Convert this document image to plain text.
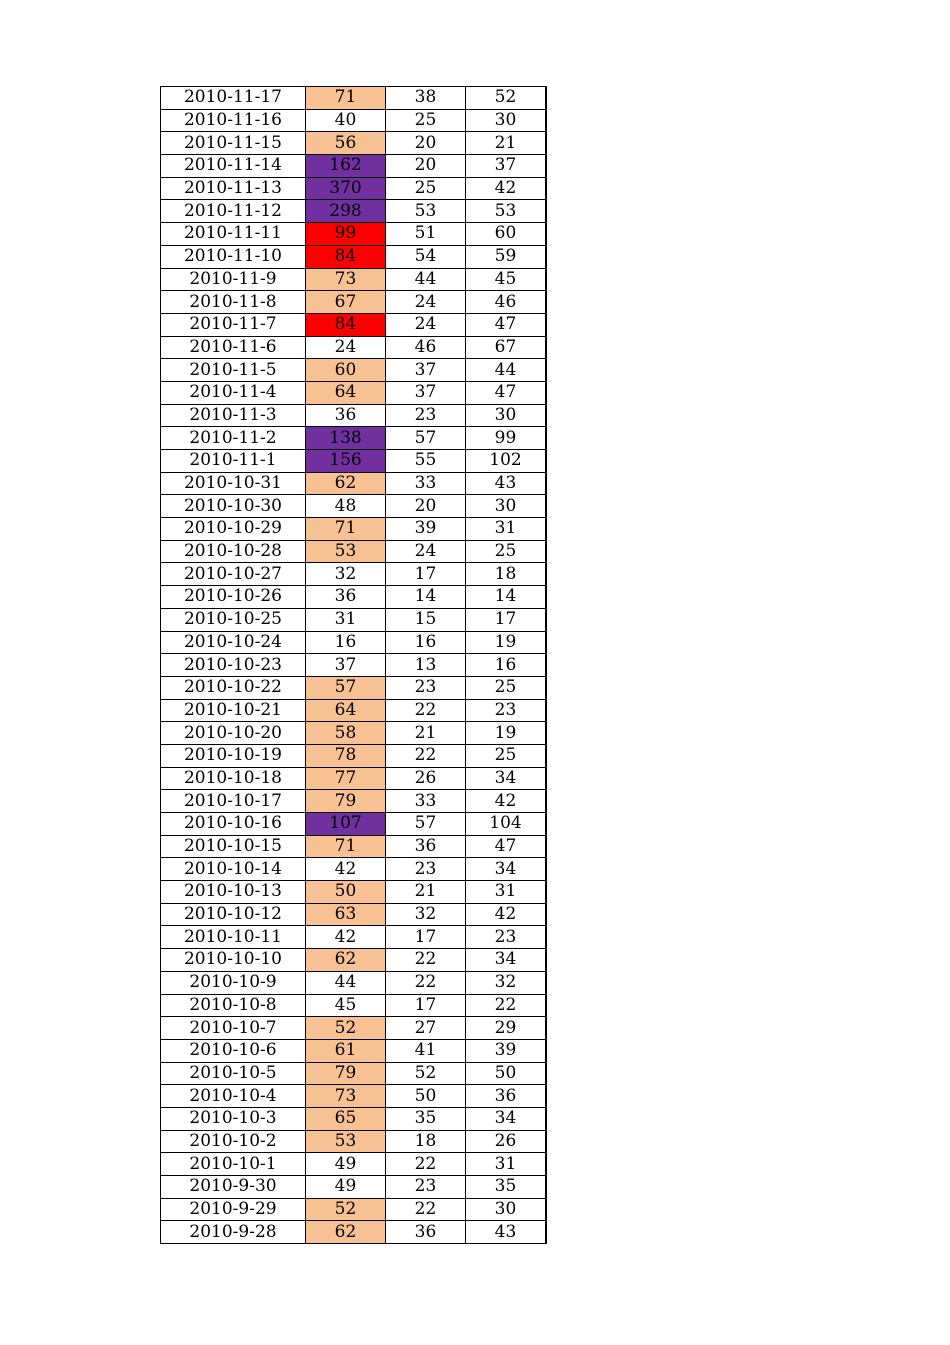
2010-11-17	71	38	52
2010-11-16	40	25	30
2010-11-15	56	20	21
2010-11-14	162	20	37
2010-11-13	370	25	42
2010-11-12	298	53	53
2010-11-11	99	51	60
2010-11-10	84	54	59
2010-11-9	73	44	45
2010-11-8	67	24	46
2010-11-7	84	24	47
2010-11-6	24	46	67
2010-11-5	60	37	44
2010-11-4	64	37	47
2010-11-3	36	23	30
2010-11-2	138	57	99
2010-11-1	156	55	102
2010-10-31	62	33	43
2010-10-30	48	20	30
2010-10-29	71	39	31
2010-10-28	53	24	25
2010-10-27	32	17	18
2010-10-26	36	14	14
2010-10-25	31	15	17
2010-10-24	16	16	19
2010-10-23	37	13	16
2010-10-22	57	23	25
2010-10-21	64	22	23
2010-10-20	58	21	19
2010-10-19	78	22	25
2010-10-18	77	26	34
2010-10-17	79	33	42
2010-10-16	107	57	104
2010-10-15	71	36	47
2010-10-14	42	23	34
2010-10-13	50	21	31
2010-10-12	63	32	42
2010-10-11	42	17	23
2010-10-10	62	22	34
2010-10-9	44	22	32
2010-10-8	45	17	22
2010-10-7	52	27	29
2010-10-6	61	41	39
2010-10-5	79	52	50
2010-10-4	73	50	36
2010-10-3	65	35	34
2010-10-2	53	18	26
2010-10-1	49	22	31
2010-9-30	49	23	35
2010-9-29	52	22	30
2010-9-28	62	36	43
